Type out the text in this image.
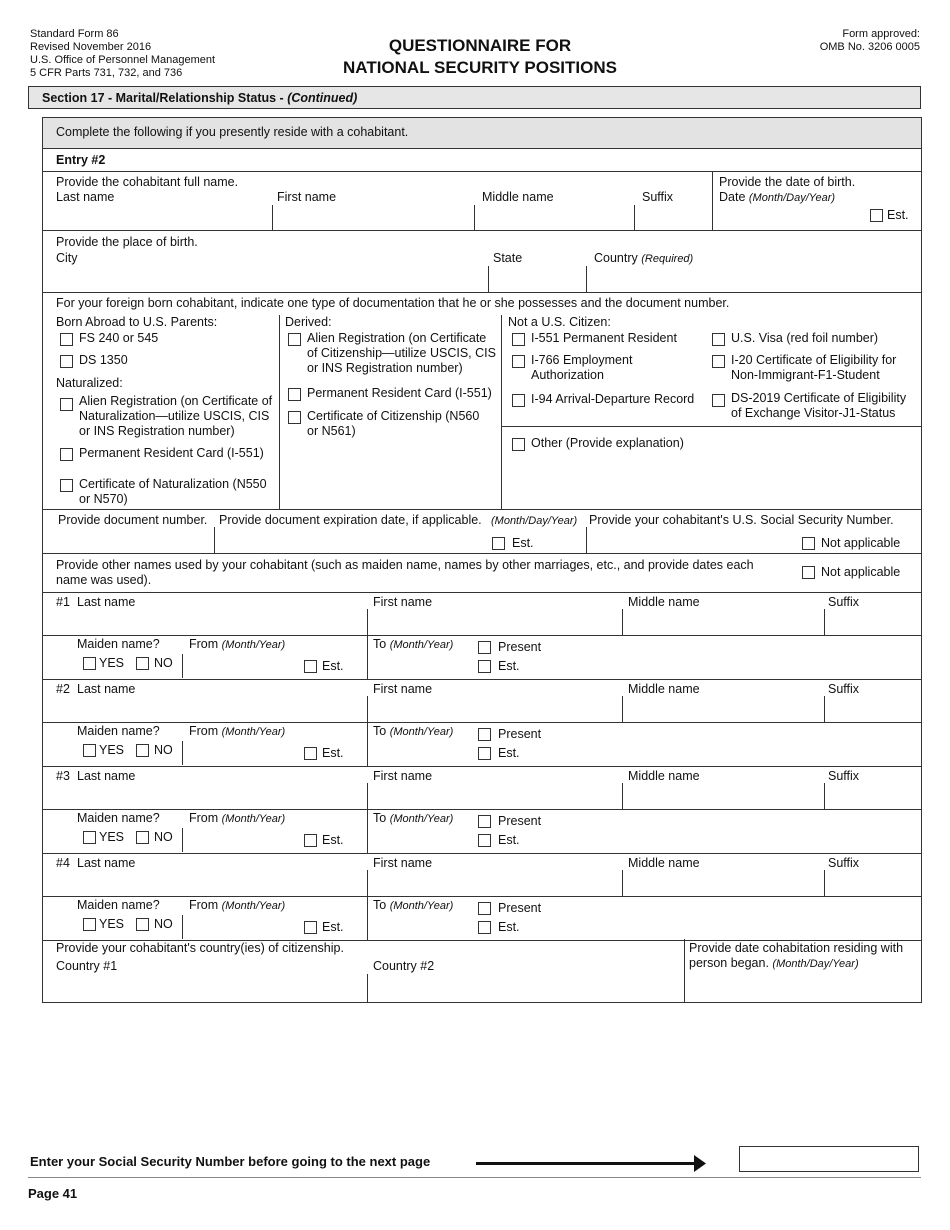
Standard Form 86
Revised November 2016
U.S. Office of Personnel Management
5 CFR Parts 731, 732, and 736
QUESTIONNAIRE FOR
NATIONAL SECURITY POSITIONS
Form approved:
OMB No. 3206 0005
Section 17 - Marital/Relationship Status - (Continued)
Complete the following if you presently reside with a cohabitant.
Entry #2
Provide the cohabitant full name.
Last name	First name	Middle name	Suffix
Provide the date of birth.
Date (Month/Day/Year)
Est.
Provide the place of birth.
City	State	Country (Required)
For your foreign born cohabitant, indicate one type of documentation that he or she possesses and the document number.
Born Abroad to U.S. Parents:
FS 240 or 545
DS 1350
Naturalized:
Alien Registration (on Certificate of Naturalization—utilize USCIS, CIS or INS Registration number)
Permanent Resident Card (I-551)
Certificate of Naturalization (N550 or N570)
Derived:
Alien Registration (on Certificate of Citizenship—utilize USCIS, CIS or INS Registration number)
Permanent Resident Card (I-551)
Certificate of Citizenship (N560 or N561)
Not a U.S. Citizen:
I-551 Permanent Resident
I-766 Employment Authorization
I-94 Arrival-Departure Record
U.S. Visa (red foil number)
I-20 Certificate of Eligibility for Non-Immigrant-F1-Student
DS-2019 Certificate of Eligibility of Exchange Visitor-J1-Status
Other (Provide explanation)
Provide document number. Provide document expiration date, if applicable. (Month/Day/Year) Provide your cohabitant's U.S. Social Security Number.
Est.	Not applicable
Provide other names used by your cohabitant (such as maiden name, names by other marriages, etc., and provide dates each name was used).
Not applicable
#1 Last name	First name	Middle name	Suffix
Maiden name?
YES NO
From (Month/Year)
Est.
To (Month/Year)	Present
Est.
#2 Last name	First name	Middle name	Suffix
Maiden name?
YES NO
From (Month/Year)
Est.
To (Month/Year)	Present
Est.
#3 Last name	First name	Middle name	Suffix
Maiden name?
YES NO
From (Month/Year)
Est.
To (Month/Year)	Present
Est.
#4 Last name	First name	Middle name	Suffix
Maiden name?
YES NO
From (Month/Year)
Est.
To (Month/Year)	Present
Est.
Provide your cohabitant's country(ies) of citizenship.
Country #1	Country #2
Provide date cohabitation residing with person began. (Month/Day/Year)
Enter your Social Security Number before going to the next page
Page 41
